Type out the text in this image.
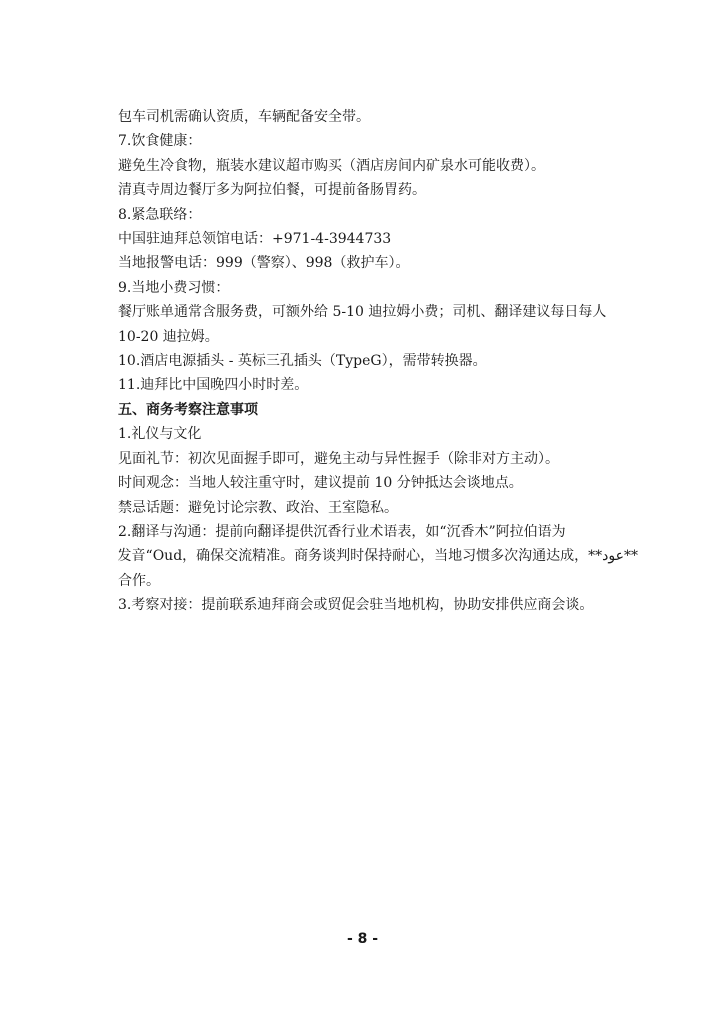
包车司机需确认资质，车辆配备安全带。

7.饮食健康：

避免生冷食物，瓶装水建议超市购买（酒店房间内矿泉水可能收费）。

清真寺周边餐厅多为阿拉伯餐，可提前备肠胃药。

8.紧急联络：

中国驻迪拜总领馆电话：+971-4-3944733

当地报警电话：999（警察）、998（救护车）。

9.当地小费习惯：

餐厅账单通常含服务费，可额外给 5-10 迪拉姆小费；司机、翻译建议每日每人

10-20 迪拉姆。

10.酒店电源插头 - 英标三孔插头（TypeG），需带转换器。

11.迪拜比中国晚四小时时差。

五、商务考察注意事项

1.礼仪与文化

见面礼节：初次见面握手即可，避免主动与异性握手（除非对方主动）。

时间观念：当地人较注重守时，建议提前 10 分钟抵达会谈地点。

禁忌话题：避免讨论宗教、政治、王室隐私。

2.翻译与沟通：提前向翻译提供沉香行业术语表，如“沉香木”阿拉伯语为

**عود**，发音“Oud，确保交流精准。商务谈判时保持耐心，当地习惯多次沟通达成

合作。

3.考察对接：提前联系迪拜商会或贸促会驻当地机构，协助安排供应商会谈。

- 8 -
